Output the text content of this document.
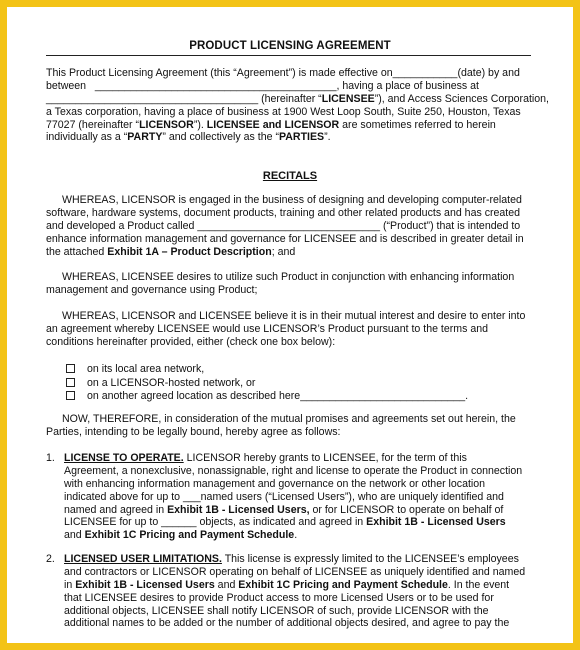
PRODUCT LICENSING AGREEMENT
This Product Licensing Agreement (this “Agreement”) is made effective on___________(date) by and
between _________________________________________, having a place of business at
____________________________________ (hereinafter “LICENSEE”), and Access Sciences Corporation,
a Texas corporation, having a place of business at 1900 West Loop South, Suite 250, Houston, Texas
77027 (hereinafter “LICENSOR”). LICENSEE and LICENSOR are sometimes referred to herein
individually as a “PARTY” and collectively as the “PARTIES”.
RECITALS
WHEREAS, LICENSOR is engaged in the business of designing and developing computer-related
software, hardware systems, document products, training and other related products and has created
and developed a Product called _______________________________ (“Product”) that is intended to
enhance information management and governance for LICENSEE and is described in greater detail in
the attached Exhibit 1A – Product Description; and
WHEREAS, LICENSEE desires to utilize such Product in conjunction with enhancing information
management and governance using Product;
WHEREAS, LICENSOR and LICENSEE believe it is in their mutual interest and desire to enter into
an agreement whereby LICENSEE would use LICENSOR’s Product pursuant to the terms and
conditions hereinafter provided, either (check one box below):
on its local area network,
on a LICENSOR-hosted network, or
on another agreed location as described here____________________________.
NOW, THEREFORE, in consideration of the mutual promises and agreements set out herein, the
Parties, intending to be legally bound, hereby agree as follows:
1. LICENSE TO OPERATE. LICENSOR hereby grants to LICENSEE, for the term of this
Agreement, a nonexclusive, nonassignable, right and license to operate the Product in connection
with enhancing information management and governance on the network or other location
indicated above for up to ___named users (“Licensed Users”), who are uniquely identified and
named and agreed in Exhibit 1B - Licensed Users, or for LICENSOR to operate on behalf of
LICENSEE for up to ______ objects, as indicated and agreed in Exhibit 1B - Licensed Users
and Exhibit 1C Pricing and Payment Schedule.
2. LICENSED USER LIMITATIONS. This license is expressly limited to the LICENSEE’s employees
and contractors or LICENSOR operating on behalf of LICENSEE as uniquely identified and named
in Exhibit 1B - Licensed Users and Exhibit 1C Pricing and Payment Schedule. In the event
that LICENSEE desires to provide Product access to more Licensed Users or to be used for
additional objects, LICENSEE shall notify LICENSOR of such, provide LICENSOR with the
additional names to be added or the number of additional objects desired, and agree to pay the
